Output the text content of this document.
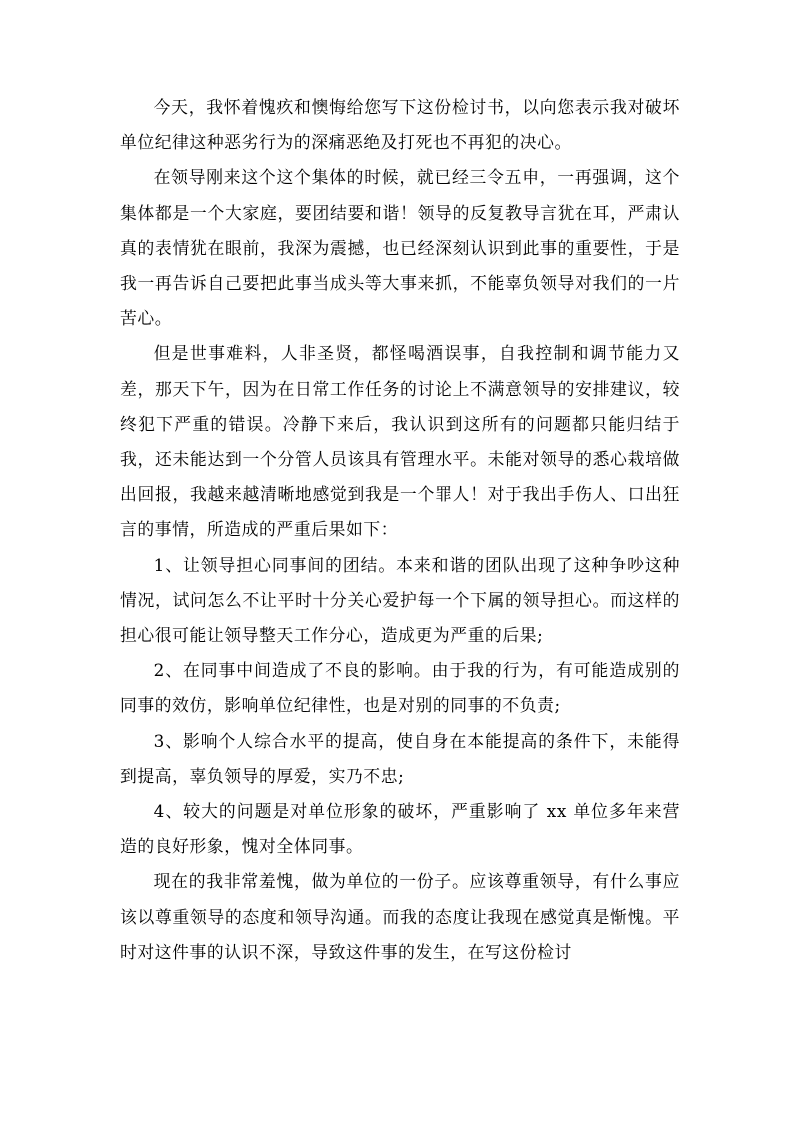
今天，我怀着愧疚和懊悔给您写下这份检讨书，以向您表示我对破坏单位纪律这种恶劣行为的深痛恶绝及打死也不再犯的决心。

在领导刚来这个这个集体的时候，就已经三令五申，一再强调，这个集体都是一个大家庭，要团结要和谐！领导的反复教导言犹在耳，严肃认真的表情犹在眼前，我深为震撼，也已经深刻认识到此事的重要性，于是我一再告诉自己要把此事当成头等大事来抓，不能辜负领导对我们的一片苦心。

但是世事难料，人非圣贤，都怪喝酒误事，自我控制和调节能力又差，那天下午，因为在日常工作任务的讨论上不满意领导的安排建议，较终犯下严重的错误。冷静下来后，我认识到这所有的问题都只能归结于我，还未能达到一个分管人员该具有管理水平。未能对领导的悉心栽培做出回报，我越来越清晰地感觉到我是一个罪人！对于我出手伤人、口出狂言的事情，所造成的严重后果如下：

1、让领导担心同事间的团结。本来和谐的团队出现了这种争吵这种情况，试问怎么不让平时十分关心爱护每一个下属的领导担心。而这样的担心很可能让领导整天工作分心，造成更为严重的后果;

2、在同事中间造成了不良的影响。由于我的行为，有可能造成别的同事的效仿，影响单位纪律性，也是对别的同事的不负责;

3、影响个人综合水平的提高，使自身在本能提高的条件下，未能得到提高，辜负领导的厚爱，实乃不忠;

4、较大的问题是对单位形象的破坏，严重影响了 xx 单位多年来营造的良好形象，愧对全体同事。

现在的我非常羞愧，做为单位的一份子。应该尊重领导，有什么事应该以尊重领导的态度和领导沟通。而我的态度让我现在感觉真是惭愧。平时对这件事的认识不深，导致这件事的发生，在写这份检讨
